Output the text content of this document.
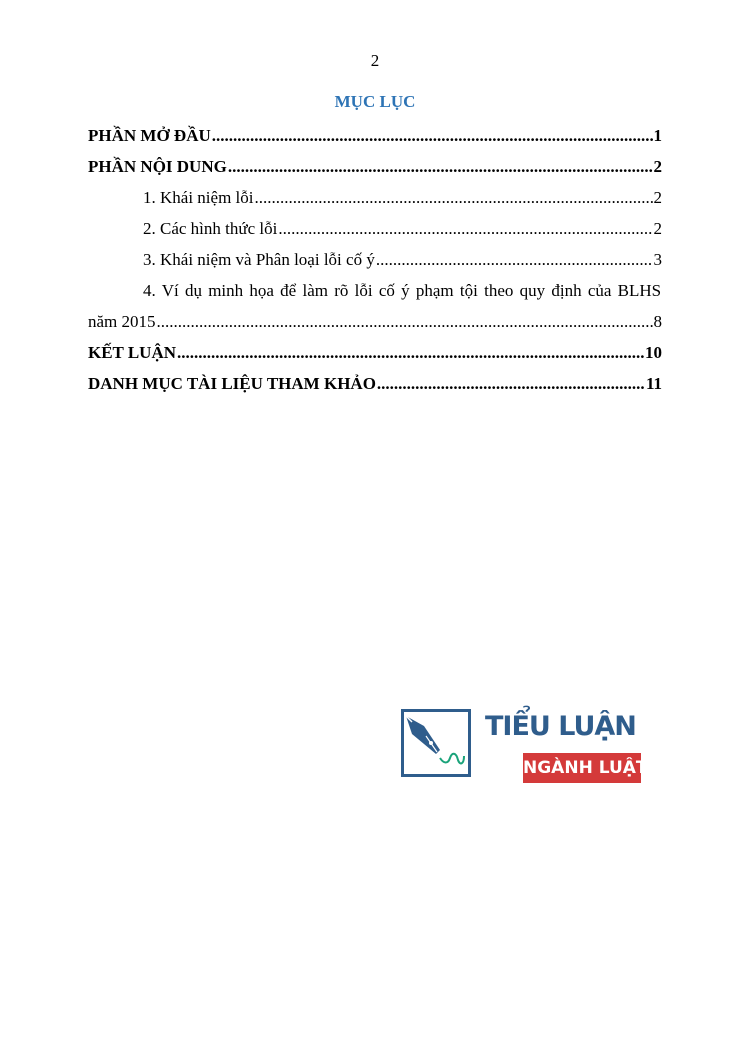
2
MỤC LỤC
PHẦN MỞ ĐẦU .....	1
PHẦN NỘI DUNG .....	2
1. Khái niệm lỗi .....	2
2. Các hình thức lỗi .....	2
3. Khái niệm và Phân loại lỗi cố ý .....	3
4. Ví dụ minh họa để làm rõ lỗi cố ý phạm tội theo quy định của BLHS
năm 2015 .....	8
KẾT LUẬN .....	10
DANH MỤC TÀI LIỆU THAM KHẢO .....	11
NGÀNH LUẬT
TIỂU LUẬN
